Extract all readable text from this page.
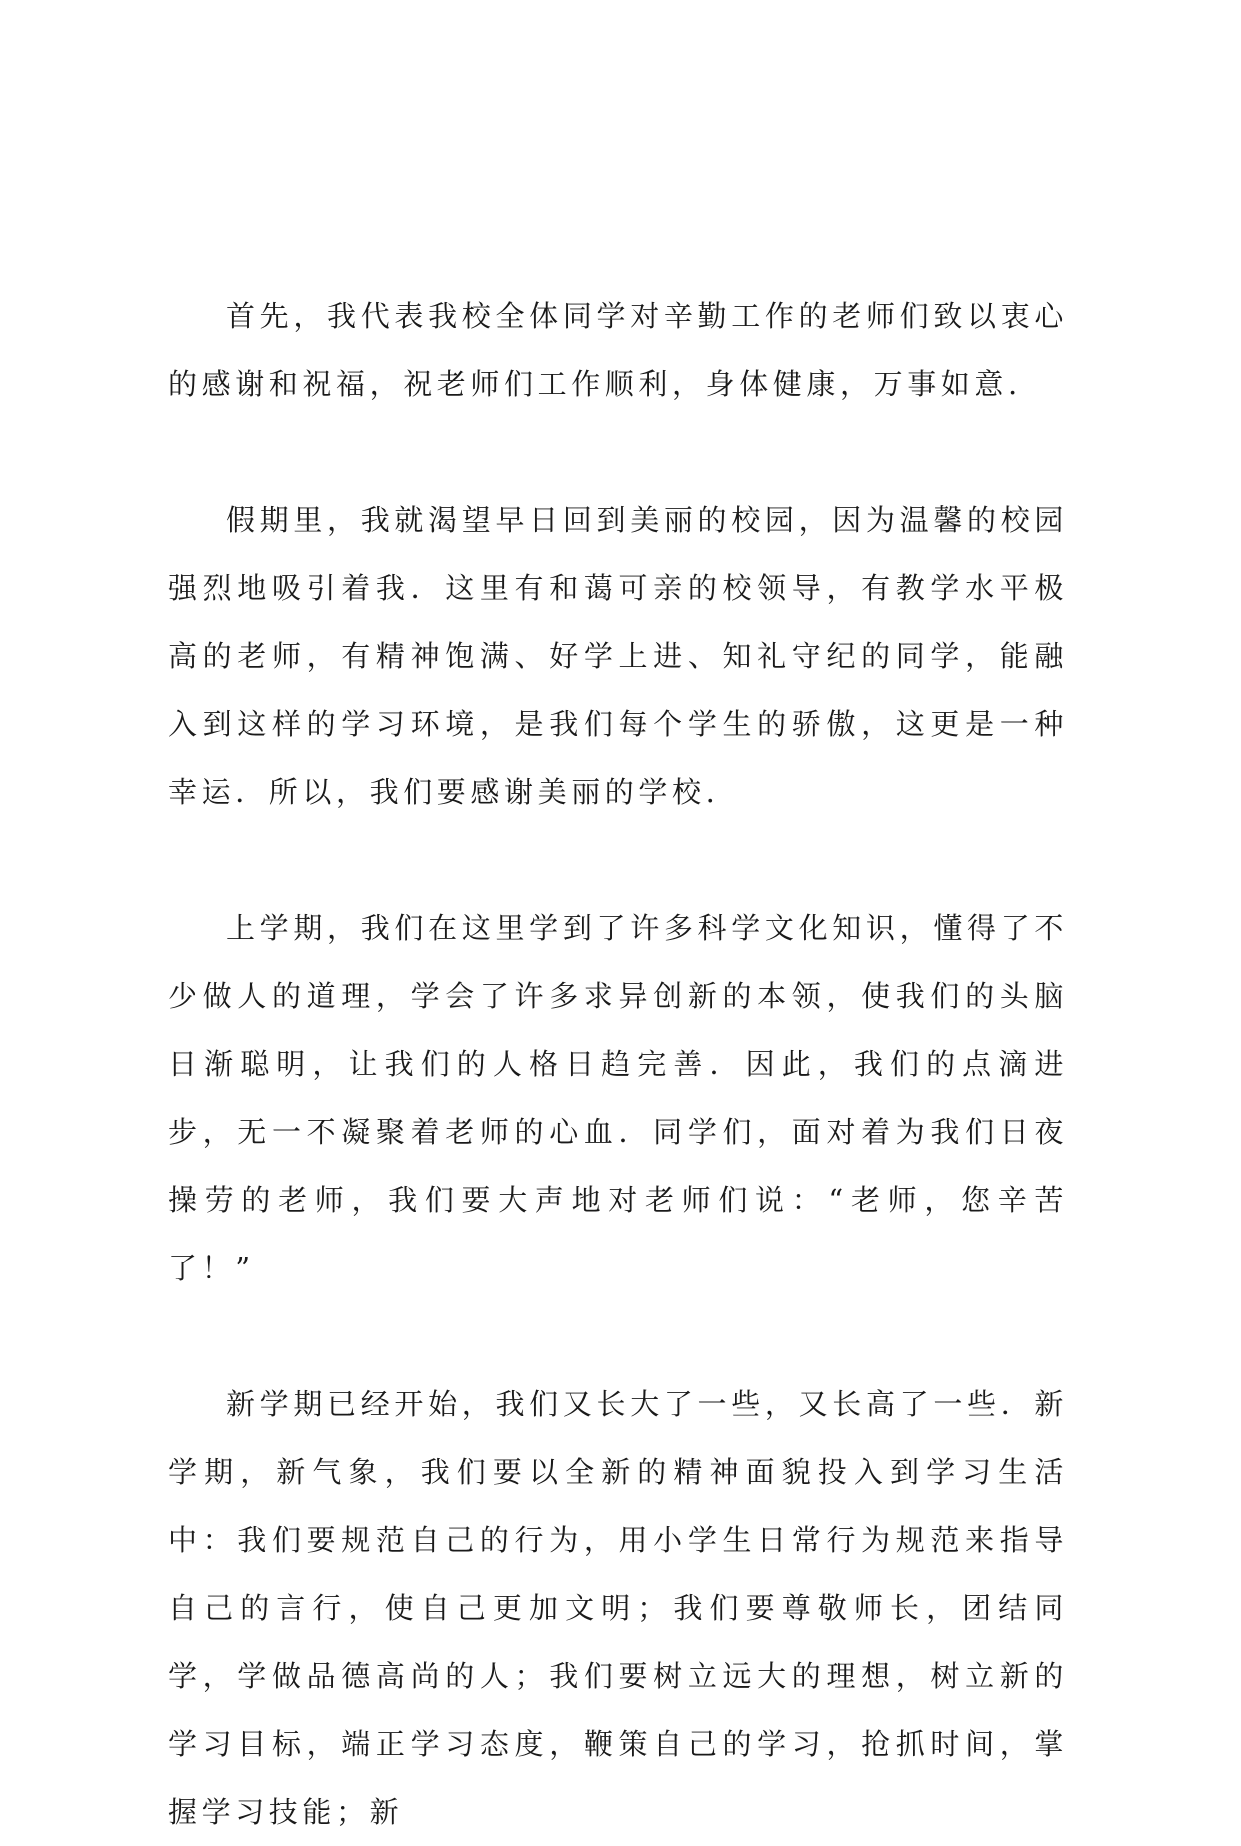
首先，我代表我校全体同学对辛勤工作的老师们致以衷心的感谢和祝福，祝老师们工作顺利，身体健康，万事如意.

假期里，我就渴望早日回到美丽的校园，因为温馨的校园强烈地吸引着我．这里有和蔼可亲的校领导，有教学水平极高的老师，有精神饱满、好学上进、知礼守纪的同学，能融入到这样的学习环境，是我们每个学生的骄傲，这更是一种幸运．所以，我们要感谢美丽的学校.

上学期，我们在这里学到了许多科学文化知识，懂得了不少做人的道理，学会了许多求异创新的本领，使我们的头脑日渐聪明，让我们的人格日趋完善．因此，我们的点滴进步，无一不凝聚着老师的心血．同学们，面对着为我们日夜操劳的老师，我们要大声地对老师们说：“老师，您辛苦了！”

新学期已经开始，我们又长大了一些，又长高了一些．新学期，新气象，我们要以全新的精神面貌投入到学习生活中：我们要规范自己的行为，用小学生日常行为规范来指导自己的言行，使自己更加文明；我们要尊敬师长，团结同学，学做品德高尚的人；我们要树立远大的理想，树立新的学习目标，端正学习态度，鞭策自己的学习，抢抓时间，掌握学习技能；新
